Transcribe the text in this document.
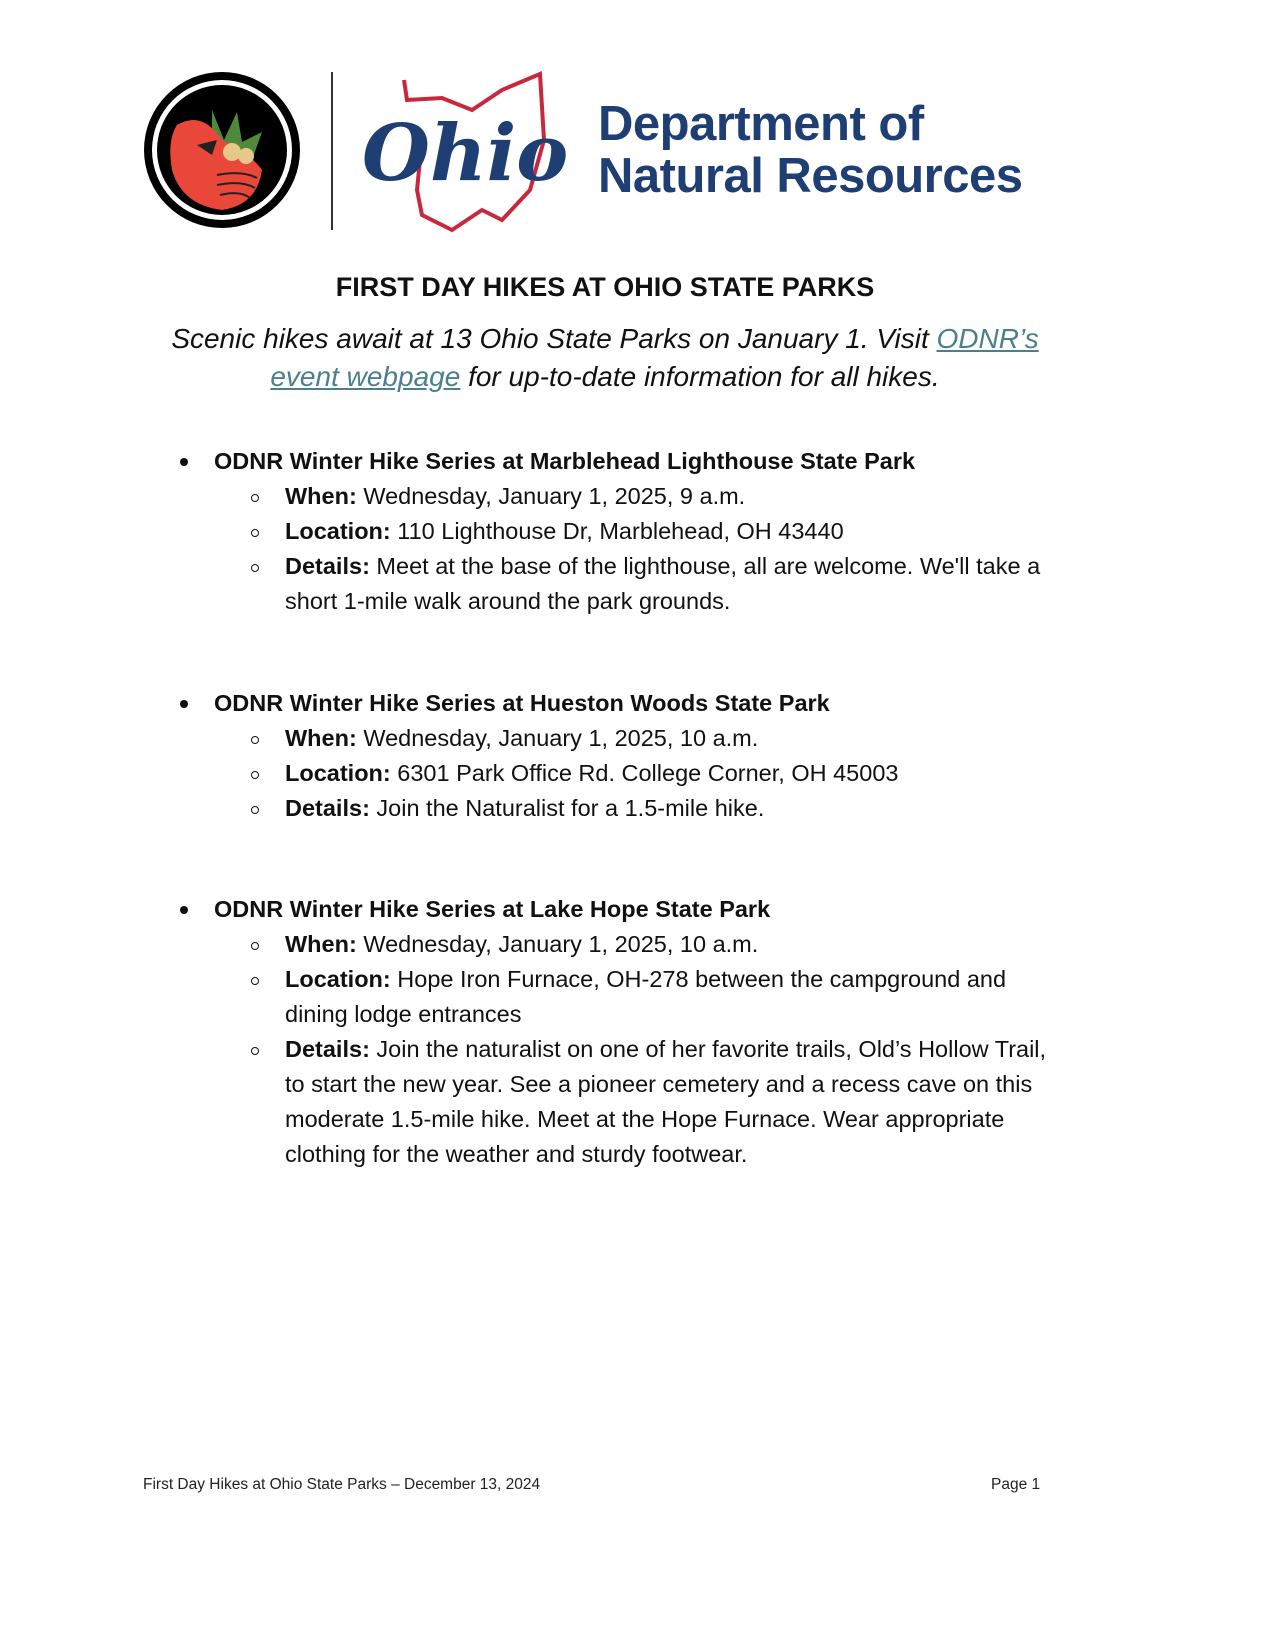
Ohio Department of
Natural Resources
FIRST DAY HIKES AT OHIO STATE PARKS
Scenic hikes await at 13 Ohio State Parks on January 1. Visit ODNR’s event webpage for up-to-date information for all hikes.
ODNR Winter Hike Series at Marblehead Lighthouse State Park
When: Wednesday, January 1, 2025, 9 a.m.
Location: 110 Lighthouse Dr, Marblehead, OH 43440
Details: Meet at the base of the lighthouse, all are welcome. We'll take a short 1-mile walk around the park grounds.
ODNR Winter Hike Series at Hueston Woods State Park
When: Wednesday, January 1, 2025, 10 a.m.
Location: 6301 Park Office Rd. College Corner, OH 45003
Details: Join the Naturalist for a 1.5-mile hike.
ODNR Winter Hike Series at Lake Hope State Park
When: Wednesday, January 1, 2025, 10 a.m.
Location: Hope Iron Furnace, OH-278 between the campground and dining lodge entrances
Details: Join the naturalist on one of her favorite trails, Old’s Hollow Trail, to start the new year. See a pioneer cemetery and a recess cave on this moderate 1.5-mile hike. Meet at the Hope Furnace. Wear appropriate clothing for the weather and sturdy footwear.
First Day Hikes at Ohio State Parks – December 13, 2024	Page 1
